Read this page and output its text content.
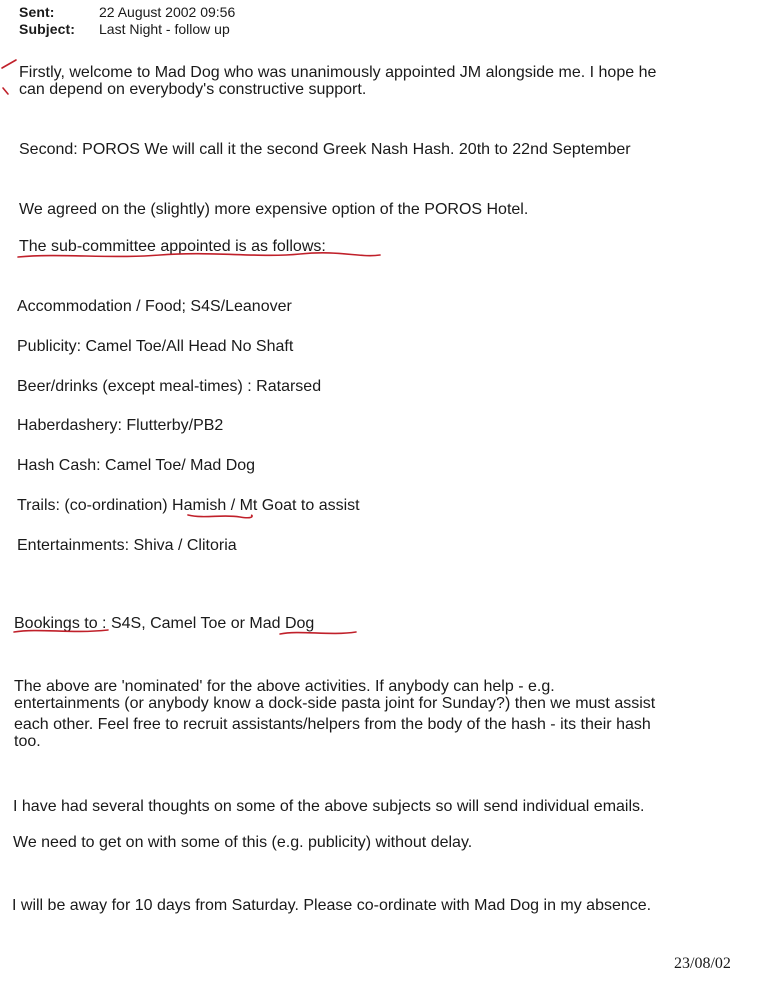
Sent:	22 August 2002 09:56
Subject: Last Night - follow up
Firstly, welcome to Mad Dog who was unanimously appointed JM alongside me. I hope he
can depend on everybody's constructive support.
Second: POROS We will call it the second Greek Nash Hash. 20th to 22nd September
We agreed on the (slightly) more expensive option of the POROS Hotel.
The sub-committee appointed is as follows:
Accommodation / Food; S4S/Leanover
Publicity: Camel Toe/All Head No Shaft
Beer/drinks (except meal-times) : Ratarsed
Haberdashery: Flutterby/PB2
Hash Cash: Camel Toe/ Mad Dog
Trails: (co-ordination) Hamish / Mt Goat to assist
Entertainments: Shiva / Clitoria
Bookings to : S4S, Camel Toe or Mad Dog
The above are 'nominated' for the above activities. If anybody can help - e.g.
entertainments (or anybody know a dock-side pasta joint for Sunday?) then we must assist
each other. Feel free to recruit assistants/helpers from the body of the hash - its their hash
too.
I have had several thoughts on some of the above subjects so will send individual emails.
We need to get on with some of this (e.g. publicity) without delay.
I will be away for 10 days from Saturday. Please co-ordinate with Mad Dog in my absence.
23/08/02
